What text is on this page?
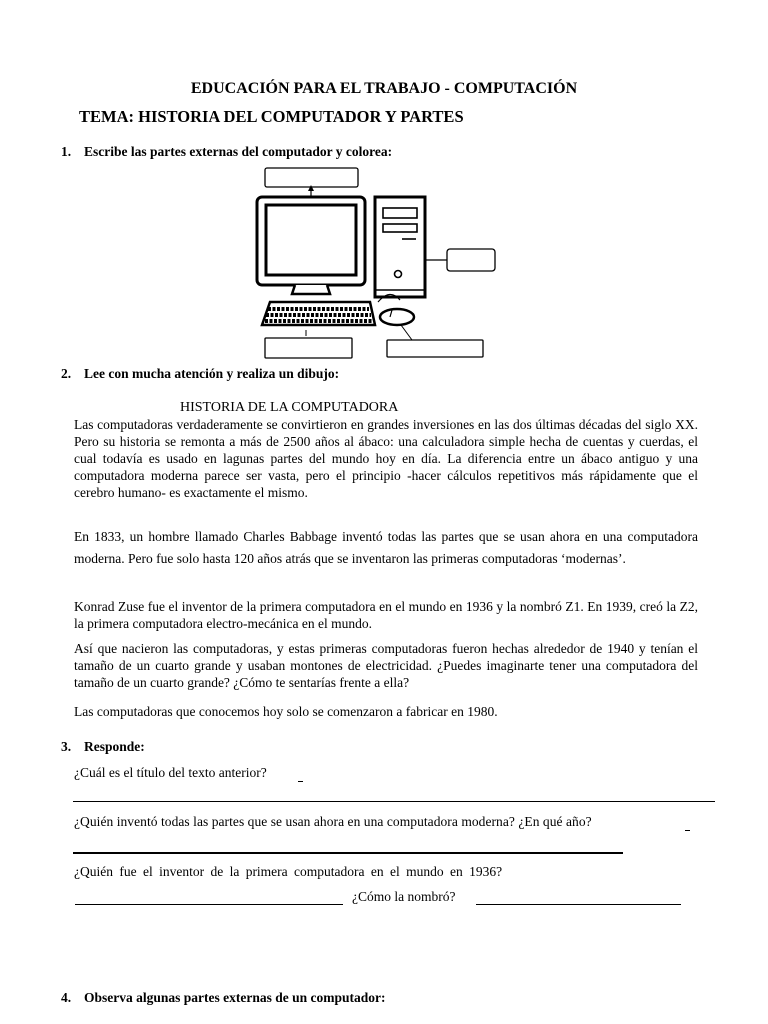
EDUCACIÓN PARA EL TRABAJO - COMPUTACIÓN
TEMA: HISTORIA DEL COMPUTADOR Y PARTES
1. Escribe las partes externas del computador y colorea:
2. Lee con mucha atención y realiza un dibujo:
HISTORIA DE LA COMPUTADORA
Las computadoras verdaderamente se convirtieron en grandes inversiones en las dos últimas décadas del siglo XX. Pero su historia se remonta a más de 2500 años al ábaco: una calculadora simple hecha de cuentas y cuerdas, el cual todavía es usado en lagunas partes del mundo hoy en día. La diferencia entre un ábaco antiguo y una computadora moderna parece ser vasta, pero el principio -hacer cálculos repetitivos más rápidamente que el cerebro humano- es exactamente el mismo.
En 1833, un hombre llamado Charles Babbage inventó todas las partes que se usan ahora en una computadora moderna. Pero fue solo hasta 120 años atrás que se inventaron las primeras computadoras ‘modernas’.
Konrad Zuse fue el inventor de la primera computadora en el mundo en 1936 y la nombró Z1. En 1939, creó la Z2, la primera computadora electro-mecánica en el mundo.
Así que nacieron las computadoras, y estas primeras computadoras fueron hechas alrededor de 1940 y tenían el tamaño de un cuarto grande y usaban montones de electricidad. ¿Puedes imaginarte tener una computadora del tamaño de un cuarto grande? ¿Cómo te sentarías frente a ella?
Las computadoras que conocemos hoy solo se comenzaron a fabricar en 1980.
3. Responde:
¿Cuál es el título del texto anterior?
¿Quién inventó todas las partes que se usan ahora en una computadora moderna? ¿En qué año?
¿Quién fue el inventor de la primera computadora en el mundo en 1936?
¿Cómo la nombró?
4. Observa algunas partes externas de un computador:
